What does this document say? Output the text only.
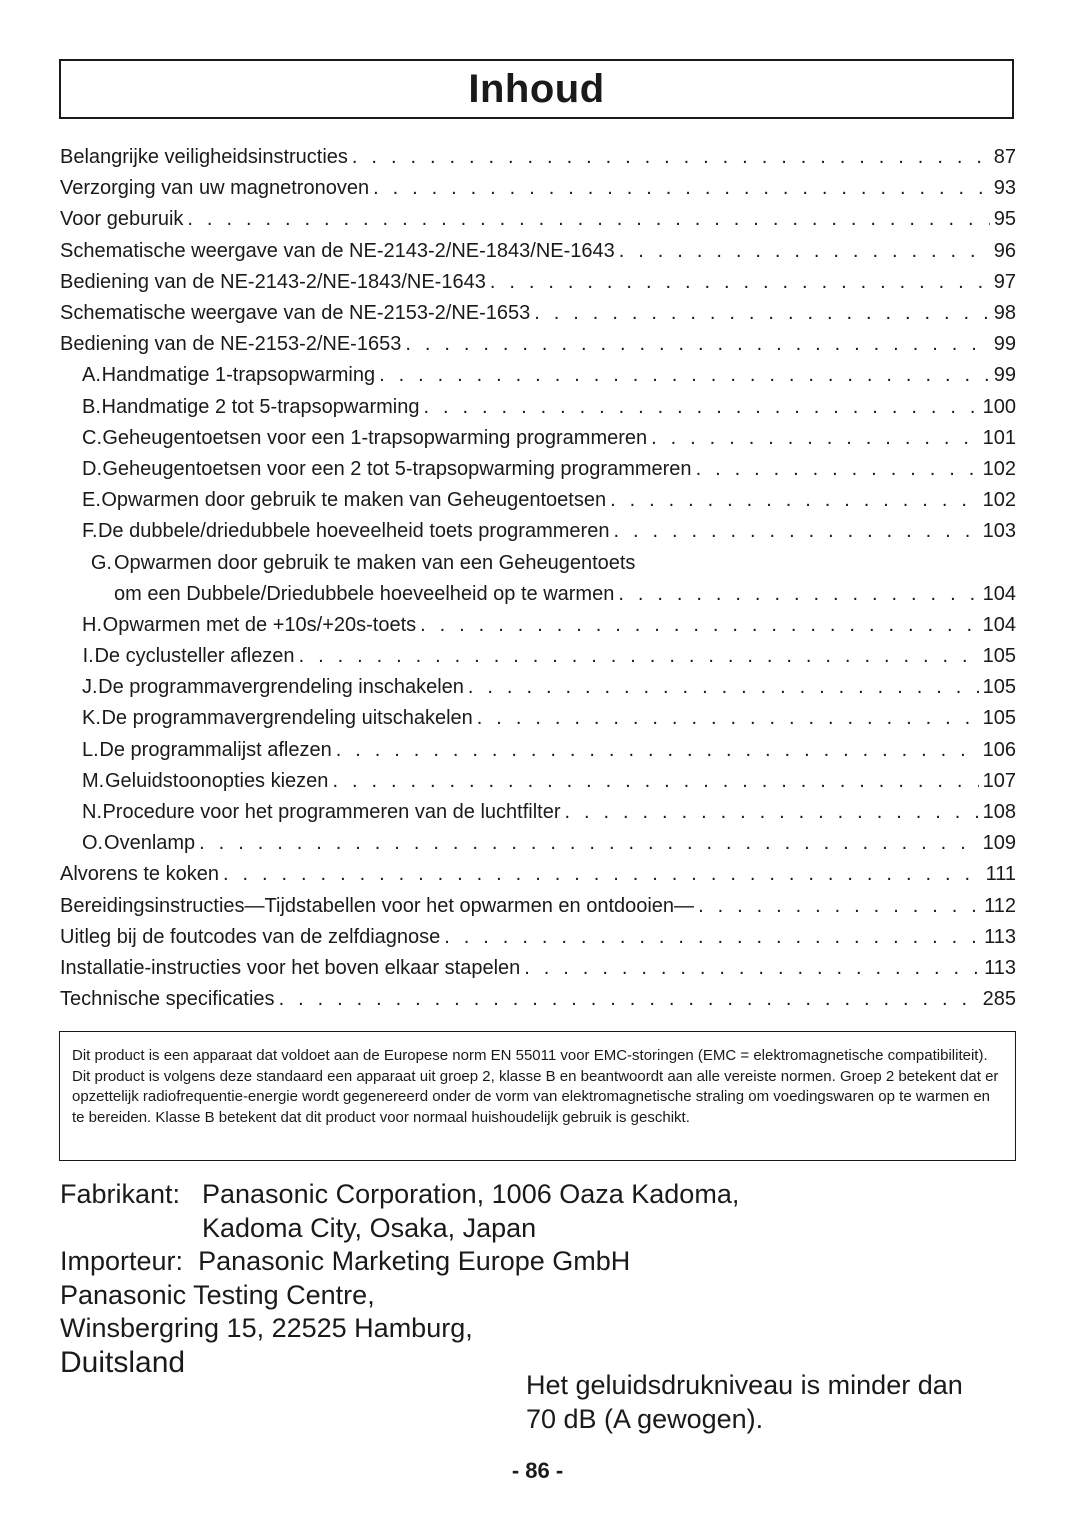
Inhoud
Belangrijke veiligheidsinstructies . . .	87
Verzorging van uw magnetronoven . . .	93
Voor geburuik . . .	95
Schematische weergave van de NE-2143-2/NE-1843/NE-1643 . . .	96
Bediening van de NE-2143-2/NE-1843/NE-1643 . . .	97
Schematische weergave van de NE-2153-2/NE-1653 . . .	98
Bediening van de NE-2153-2/NE-1653 . . .	99
A. Handmatige 1-trapsopwarming . . .	99
B. Handmatige 2 tot 5-trapsopwarming . . .	100
C. Geheugentoetsen voor een 1-trapsopwarming programmeren . . .	101
D. Geheugentoetsen voor een 2 tot 5-trapsopwarming programmeren . . .	102
E. Opwarmen door gebruik te maken van Geheugentoetsen . . .	102
F. De dubbele/driedubbele hoeveelheid toets programmeren . . .	103
G. Opwarmen door gebruik te maken van een Geheugentoets
om een Dubbele/Driedubbele hoeveelheid op te warmen . . .	104
H. Opwarmen met de +10s/+20s-toets . . .	104
I. De cyclusteller aflezen . . .	105
J. De programmavergrendeling inschakelen . . .	105
K. De programmavergrendeling uitschakelen . . .	105
L. De programmalijst aflezen . . .	106
M. Geluidstoonopties kiezen . . .	107
N. Procedure voor het programmeren van de luchtfilter . . .	108
O. Ovenlamp . . .	109
Alvorens te koken . . .	111
Bereidingsinstructies—Tijdstabellen voor het opwarmen en ontdooien— . . .	112
Uitleg bij de foutcodes van de zelfdiagnose . . .	113
Installatie-instructies voor het boven elkaar stapelen . . .	113
Technische specificaties . . .	285
Dit product is een apparaat dat voldoet aan de Europese norm EN 55011 voor EMC-storingen (EMC = elektromagnetische compatibiliteit). Dit product is volgens deze standaard een apparaat uit groep 2, klasse B en beantwoordt aan alle vereiste normen. Groep 2 betekent dat er opzettelijk radiofrequentie-energie wordt gegenereerd onder de vorm van elektromagnetische straling om voedingswaren op te warmen en te bereiden. Klasse B betekent dat dit product voor normaal huishoudelijk gebruik is geschikt.
Fabrikant: Panasonic Corporation, 1006 Oaza Kadoma,
Kadoma City, Osaka, Japan
Importeur: Panasonic Marketing Europe GmbH
Panasonic Testing Centre,
Winsbergring 15, 22525 Hamburg,
Duitsland
Het geluidsdrukniveau is minder dan
70 dB (A gewogen).
- 86 -
